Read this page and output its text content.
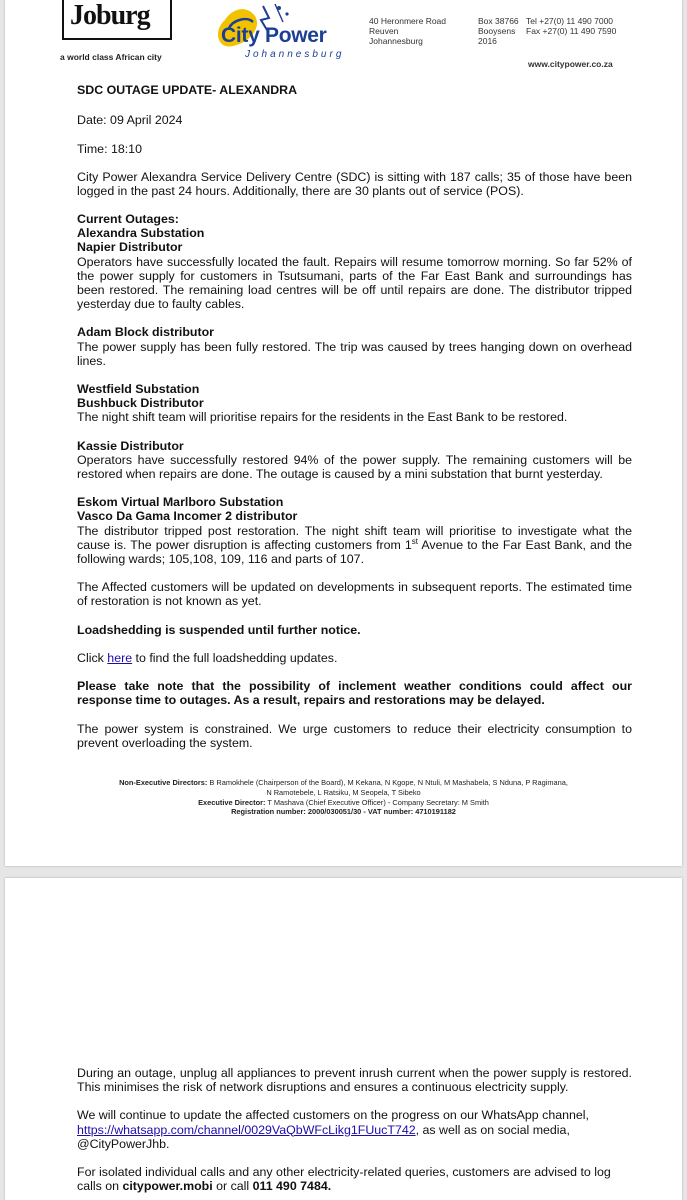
Joburg
a world class African city
City Power
Johannesburg
40 Heronmere Road
Reuven
Johannesburg
Box 38766
Booysens
2016
Tel +27(0) 11 490 7000
Fax +27(0) 11 490 7590
www.citypower.co.za

SDC OUTAGE UPDATE- ALEXANDRA

Date: 09 April 2024

Time: 18:10

City Power Alexandra Service Delivery Centre (SDC) is sitting with 187 calls; 35 of those have been logged in the past 24 hours. Additionally, there are 30 plants out of service (POS).

Current Outages:

Alexandra Substation

Napier Distributor

Operators have successfully located the fault. Repairs will resume tomorrow morning. So far 52% of the power supply for customers in Tsutsumani, parts of the Far East Bank and surroundings has been restored. The remaining load centres will be off until repairs are done. The distributor tripped yesterday due to faulty cables.

Adam Block distributor

The power supply has been fully restored. The trip was caused by trees hanging down on overhead lines.

Westfield Substation

Bushbuck Distributor

The night shift team will prioritise repairs for the residents in the East Bank to be restored.

Kassie Distributor

Operators have successfully restored 94% of the power supply. The remaining customers will be restored when repairs are done. The outage is caused by a mini substation that burnt yesterday.

Eskom Virtual Marlboro Substation

Vasco Da Gama Incomer 2 distributor

The distributor tripped post restoration. The night shift team will prioritise to investigate what the cause is. The power disruption is affecting customers from 1st Avenue to the Far East Bank, and the following wards; 105,108, 109, 116 and parts of 107.

The Affected customers will be updated on developments in subsequent reports. The estimated time of restoration is not known as yet.

Loadshedding is suspended until further notice.

Click here to find the full loadshedding updates.

Please take note that the possibility of inclement weather conditions could affect our response time to outages. As a result, repairs and restorations may be delayed.

The power system is constrained. We urge customers to reduce their electricity consumption to prevent overloading the system.

Non-Executive Directors: B Ramokhele (Chairperson of the Board), M Kekana, N Kgope, N Ntuli, M Mashabela, S Nduna, P Ragimana,
N Ramotebele, L Ratsiku, M Seopela, T Sibeko
Executive Director: T Mashava (Chief Executive Officer) - Company Secretary: M Smith
Registration number: 2000/030051/30 - VAT number: 4710191182

During an outage, unplug all appliances to prevent inrush current when the power supply is restored. This minimises the risk of network disruptions and ensures a continuous electricity supply.

We will continue to update the affected customers on the progress on our WhatsApp channel, https://whatsapp.com/channel/0029VaQbWFcLikg1FUucT742, as well as on social media, @CityPowerJhb.

For isolated individual calls and any other electricity-related queries, customers are advised to log calls on citypower.mobi or call 011 490 7484.
